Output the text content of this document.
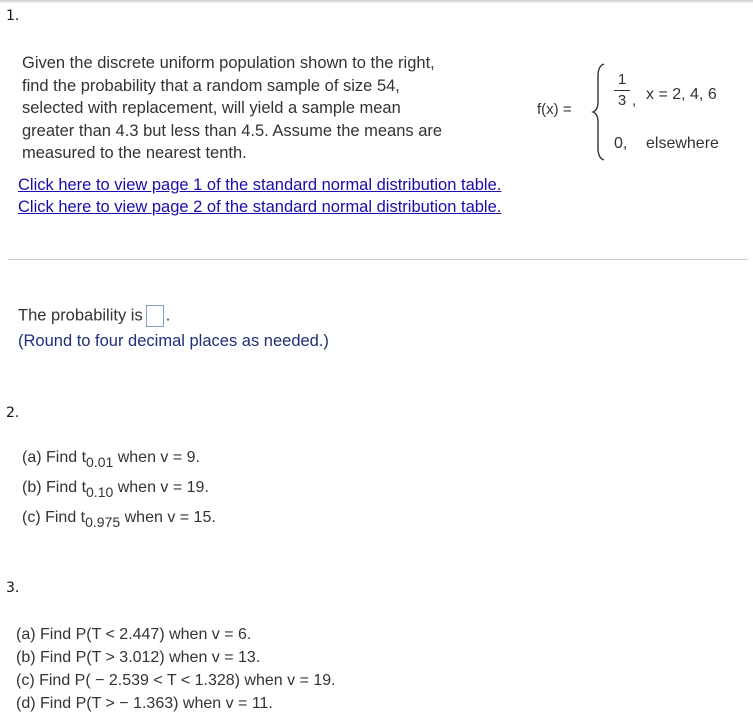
1.
Given the discrete uniform population shown to the right,
find the probability that a random sample of size 54,
selected with replacement, will yield a sample mean
greater than 4.3 but less than 4.5. Assume the means are
measured to the nearest tenth.
f(x) =
1
3 , x = 2, 4, 6
0, elsewhere
Click here to view page 1 of the standard normal distribution table.
Click here to view page 2 of the standard normal distribution table.
The probability is .
(Round to four decimal places as needed.)
2.
(a) Find $t_{0.01}$ when v = 9.
(b) Find $t_{0.10}$ when v = 19.
(c) Find $t_{0.975}$ when v = 15.
3.
(a) Find P(T < 2.447) when v = 6.
(b) Find P(T > 3.012) when v = 13.
(c) Find P( − 2.539 < T < 1.328) when v = 19.
(d) Find P(T > − 1.363) when v = 11.
